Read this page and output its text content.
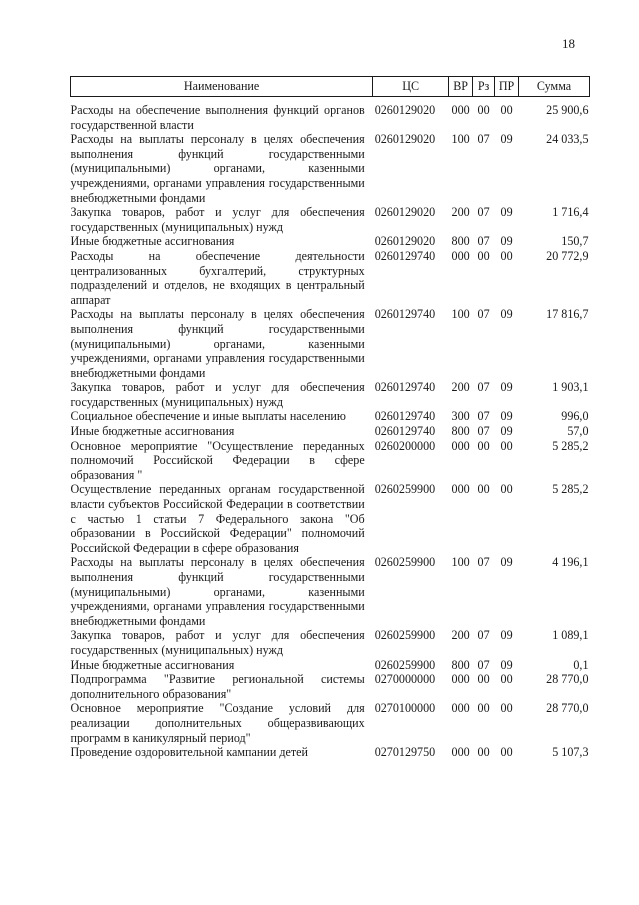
18
Наименование	ЦС	ВР	Рз	ПР	Сумма
Расходы на обеспечение выполнения функций органов государственной власти	0260129020	000	00	00	25 900,6
Расходы на выплаты персоналу в целях обеспечения выполнения функций государственными (муниципальными) органами, казенными учреждениями, органами управления государственными внебюджетными фондами	0260129020	100	07	09	24 033,5
Закупка товаров, работ и услуг для обеспечения государственных (муниципальных) нужд	0260129020	200	07	09	1 716,4
Иные бюджетные ассигнования	0260129020	800	07	09	150,7
Расходы на обеспечение деятельности централизованных бухгалтерий, структурных подразделений и отделов, не входящих в центральный аппарат	0260129740	000	00	00	20 772,9
Расходы на выплаты персоналу в целях обеспечения выполнения функций государственными (муниципальными) органами, казенными учреждениями, органами управления государственными внебюджетными фондами	0260129740	100	07	09	17 816,7
Закупка товаров, работ и услуг для обеспечения государственных (муниципальных) нужд	0260129740	200	07	09	1 903,1
Социальное обеспечение и иные выплаты населению	0260129740	300	07	09	996,0
Иные бюджетные ассигнования	0260129740	800	07	09	57,0
Основное мероприятие "Осуществление переданных полномочий Российской Федерации в сфере образования "	0260200000	000	00	00	5 285,2
Осуществление переданных органам государственной власти субъектов Российской Федерации в соответствии с частью 1 статьи 7 Федерального закона "Об образовании в Российской Федерации" полномочий Российской Федерации в сфере образования	0260259900	000	00	00	5 285,2
Расходы на выплаты персоналу в целях обеспечения выполнения функций государственными (муниципальными) органами, казенными учреждениями, органами управления государственными внебюджетными фондами	0260259900	100	07	09	4 196,1
Закупка товаров, работ и услуг для обеспечения государственных (муниципальных) нужд	0260259900	200	07	09	1 089,1
Иные бюджетные ассигнования	0260259900	800	07	09	0,1
Подпрограмма "Развитие региональной системы дополнительного образования"	0270000000	000	00	00	28 770,0
Основное мероприятие "Создание условий для реализации дополнительных общеразвивающих программ в каникулярный период"	0270100000	000	00	00	28 770,0
Проведение оздоровительной кампании детей	0270129750	000	00	00	5 107,3
